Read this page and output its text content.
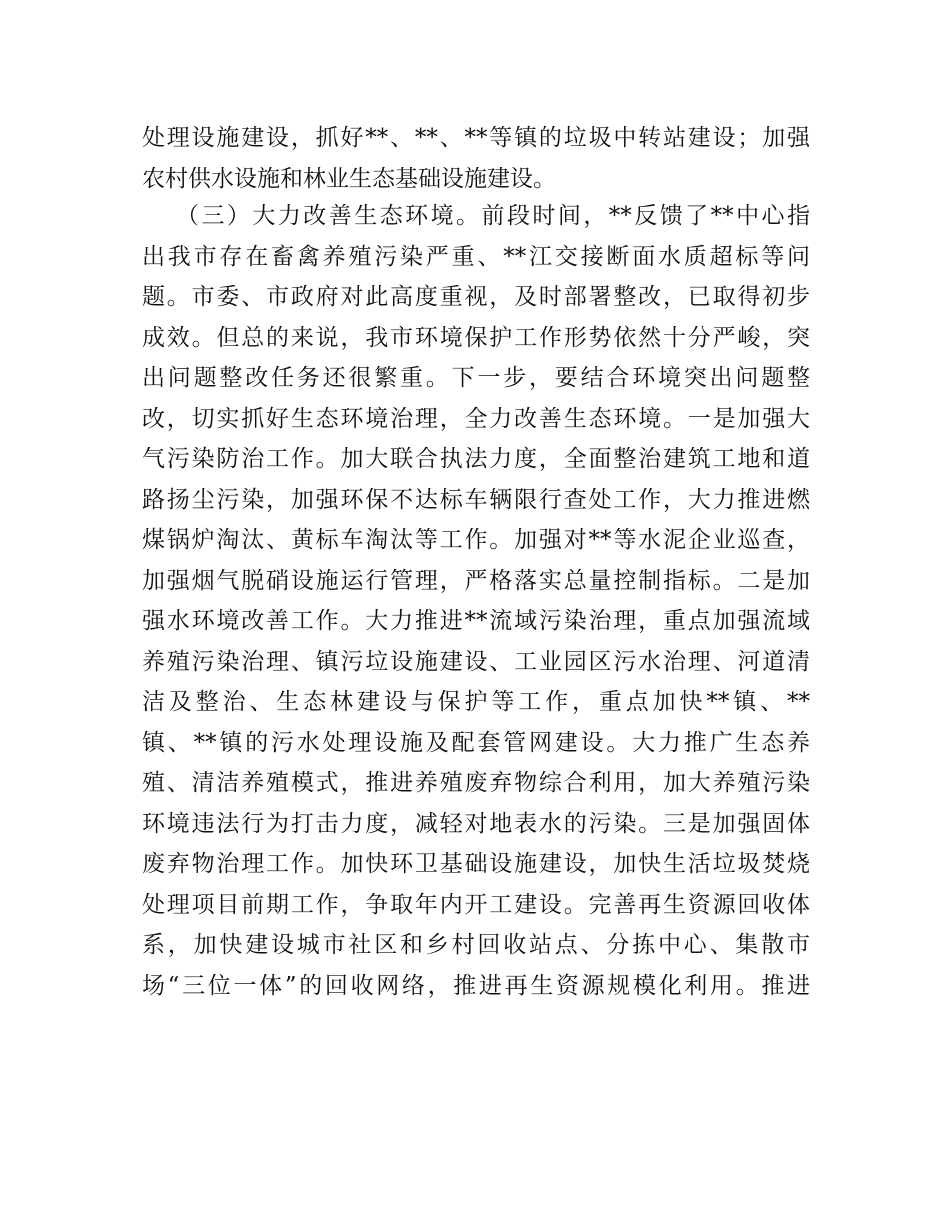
处理设施建设，抓好**、**、**等镇的垃圾中转站建设；加强
农村供水设施和林业生态基础设施建设。
（三）大力改善生态环境。前段时间，**反馈了**中心指
出我市存在畜禽养殖污染严重、**江交接断面水质超标等问
题。市委、市政府对此高度重视，及时部署整改，已取得初步
成效。但总的来说，我市环境保护工作形势依然十分严峻，突
出问题整改任务还很繁重。下一步，要结合环境突出问题整
改，切实抓好生态环境治理，全力改善生态环境。一是加强大
气污染防治工作。加大联合执法力度，全面整治建筑工地和道
路扬尘污染，加强环保不达标车辆限行查处工作，大力推进燃
煤锅炉淘汰、黄标车淘汰等工作。加强对**等水泥企业巡查，
加强烟气脱硝设施运行管理，严格落实总量控制指标。二是加
强水环境改善工作。大力推进**流域污染治理，重点加强流域
养殖污染治理、镇污垃设施建设、工业园区污水治理、河道清
洁及整治、生态林建设与保护等工作，重点加快**镇、**
镇、**镇的污水处理设施及配套管网建设。大力推广生态养
殖、清洁养殖模式，推进养殖废弃物综合利用，加大养殖污染
环境违法行为打击力度，减轻对地表水的污染。三是加强固体
废弃物治理工作。加快环卫基础设施建设，加快生活垃圾焚烧
处理项目前期工作，争取年内开工建设。完善再生资源回收体
系，加快建设城市社区和乡村回收站点、分拣中心、集散市
场“三位一体”的回收网络，推进再生资源规模化利用。推进
